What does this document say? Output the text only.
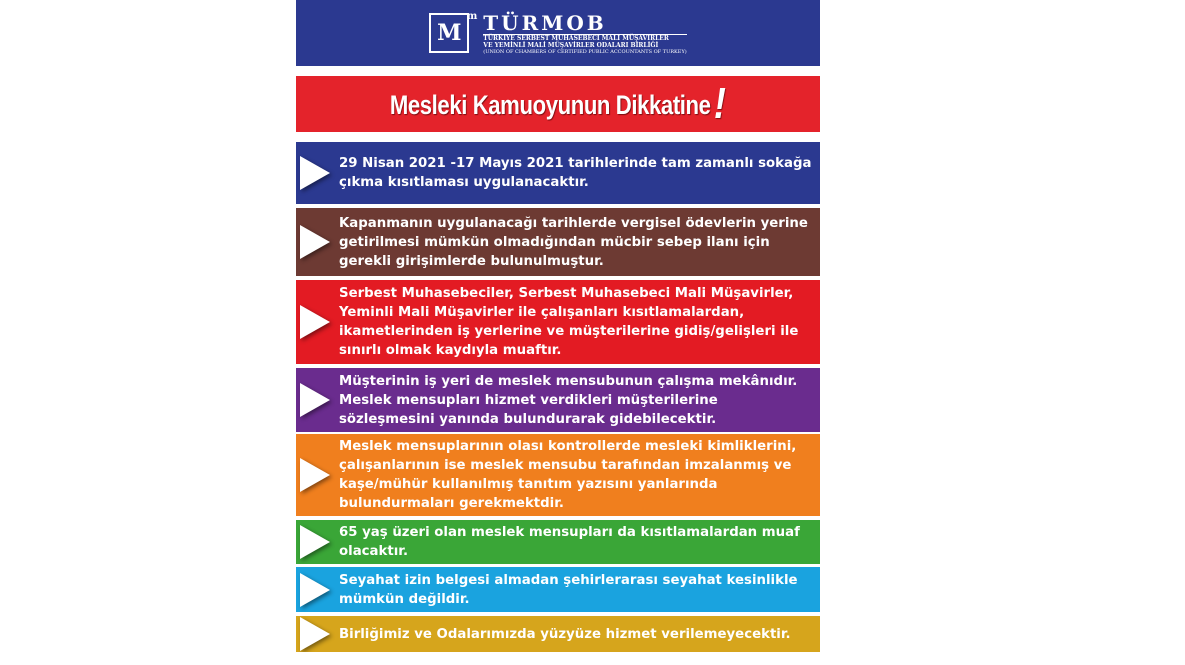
M
m TÜRMOB
TÜRKİYE SERBEST MUHASEBECİ MALİ MÜŞAVİRLER
VE YEMİNLİ MALİ MÜŞAVİRLER ODALARI BİRLİĞİ
(UNION OF CHAMBERS OF CERTIFIED PUBLIC ACCOUNTANTS OF TURKEY)
Mesleki Kamuoyunun Dikkatine!
29 Nisan 2021 -17 Mayıs 2021 tarihlerinde tam zamanlı sokağa çıkma kısıtlaması uygulanacaktır.
Kapanmanın uygulanacağı tarihlerde vergisel ödevlerin yerine getirilmesi mümkün olmadığından mücbir sebep ilanı için gerekli girişimlerde bulunulmuştur.
Serbest Muhasebeciler, Serbest Muhasebeci Mali Müşavirler, Yeminli Mali Müşavirler ile çalışanları kısıtlamalardan, ikametlerinden iş yerlerine ve müşterilerine gidiş/gelişleri ile sınırlı olmak kaydıyla muaftır.
Müşterinin iş yeri de meslek mensubunun çalışma mekânıdır. Meslek mensupları hizmet verdikleri müşterilerine sözleşmesini yanında bulundurarak gidebilecektir.
Meslek mensuplarının olası kontrollerde mesleki kimliklerini, çalışanlarının ise meslek mensubu tarafından imzalanmış ve kaşe/mühür kullanılmış tanıtım yazısını yanlarında bulundurmaları gerekmektdir.
65 yaş üzeri olan meslek mensupları da kısıtlamalardan muaf olacaktır.
Seyahat izin belgesi almadan şehirlerarası seyahat kesinlikle mümkün değildir.
Birliğimiz ve Odalarımızda yüzyüze hizmet verilemeyecektir.
